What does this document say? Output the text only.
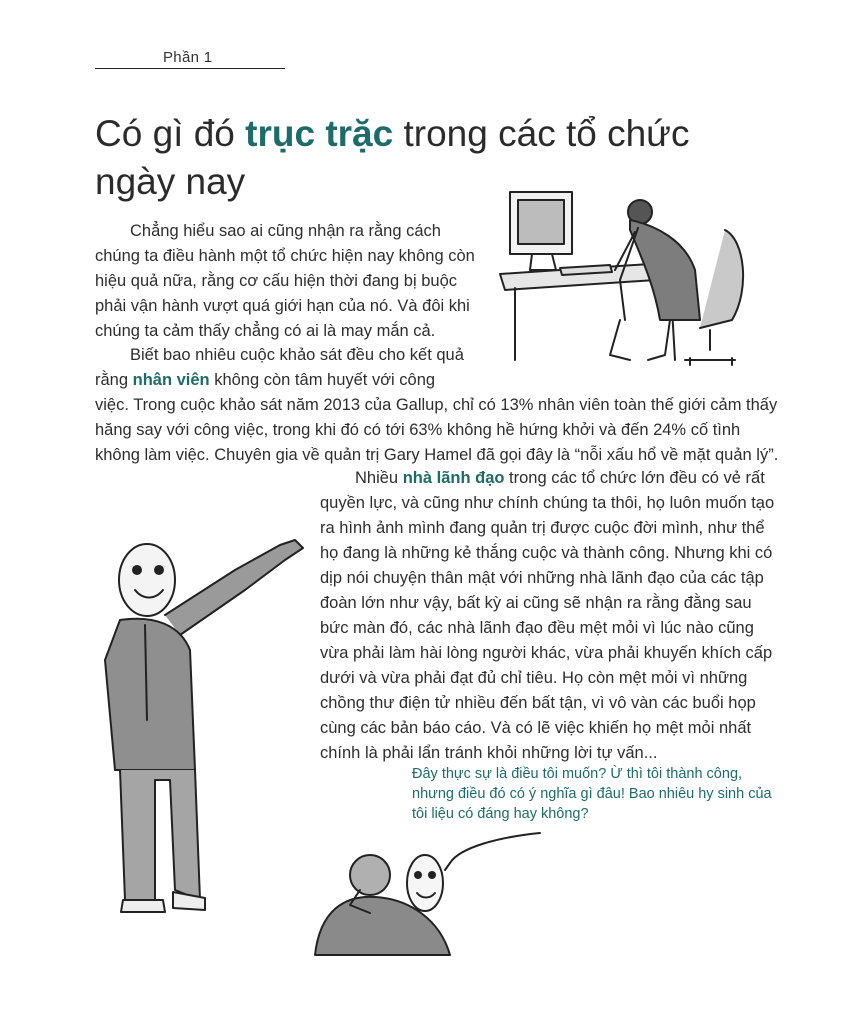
Phần 1
Có gì đó trục trặc trong các tổ chức ngày nay

Chẳng hiểu sao ai cũng nhận ra rằng cách chúng ta điều hành một tổ chức hiện nay không còn hiệu quả nữa, rằng cơ cấu hiện thời đang bị buộc phải vận hành vượt quá giới hạn của nó. Và đôi khi chúng ta cảm thấy chẳng có ai là may mắn cả.

Biết bao nhiêu cuộc khảo sát đều cho kết quả rằng nhân viên không còn tâm huyết với công

việc. Trong cuộc khảo sát năm 2013 của Gallup, chỉ có 13% nhân viên toàn thế giới cảm thấy hăng say với công việc, trong khi đó có tới 63% không hề hứng khởi và đến 24% cố tình không làm việc. Chuyên gia về quản trị Gary Hamel đã gọi đây là “nỗi xấu hổ về mặt quản lý”.

Nhiều nhà lãnh đạo trong các tổ chức lớn đều có vẻ rất quyền lực, và cũng như chính chúng ta thôi, họ luôn muốn tạo ra hình ảnh mình đang quản trị được cuộc đời mình, như thể họ đang là những kẻ thắng cuộc và thành công. Nhưng khi có dịp nói chuyện thân mật với những nhà lãnh đạo của các tập đoàn lớn như vậy, bất kỳ ai cũng sẽ nhận ra rằng đằng sau bức màn đó, các nhà lãnh đạo đều mệt mỏi vì lúc nào cũng vừa phải làm hài lòng người khác, vừa phải khuyến khích cấp dưới và vừa phải đạt đủ chỉ tiêu. Họ còn mệt mỏi vì những chồng thư điện tử nhiều đến bất tận, vì vô vàn các buổi họp cùng các bản báo cáo. Và có lẽ việc khiến họ mệt mỏi nhất chính là phải lẩn tránh khỏi những lời tự vấn...

Đây thực sự là điều tôi muốn? Ừ thì tôi thành công, nhưng điều đó có ý nghĩa gì đâu! Bao nhiêu hy sinh của tôi liệu có đáng hay không?
